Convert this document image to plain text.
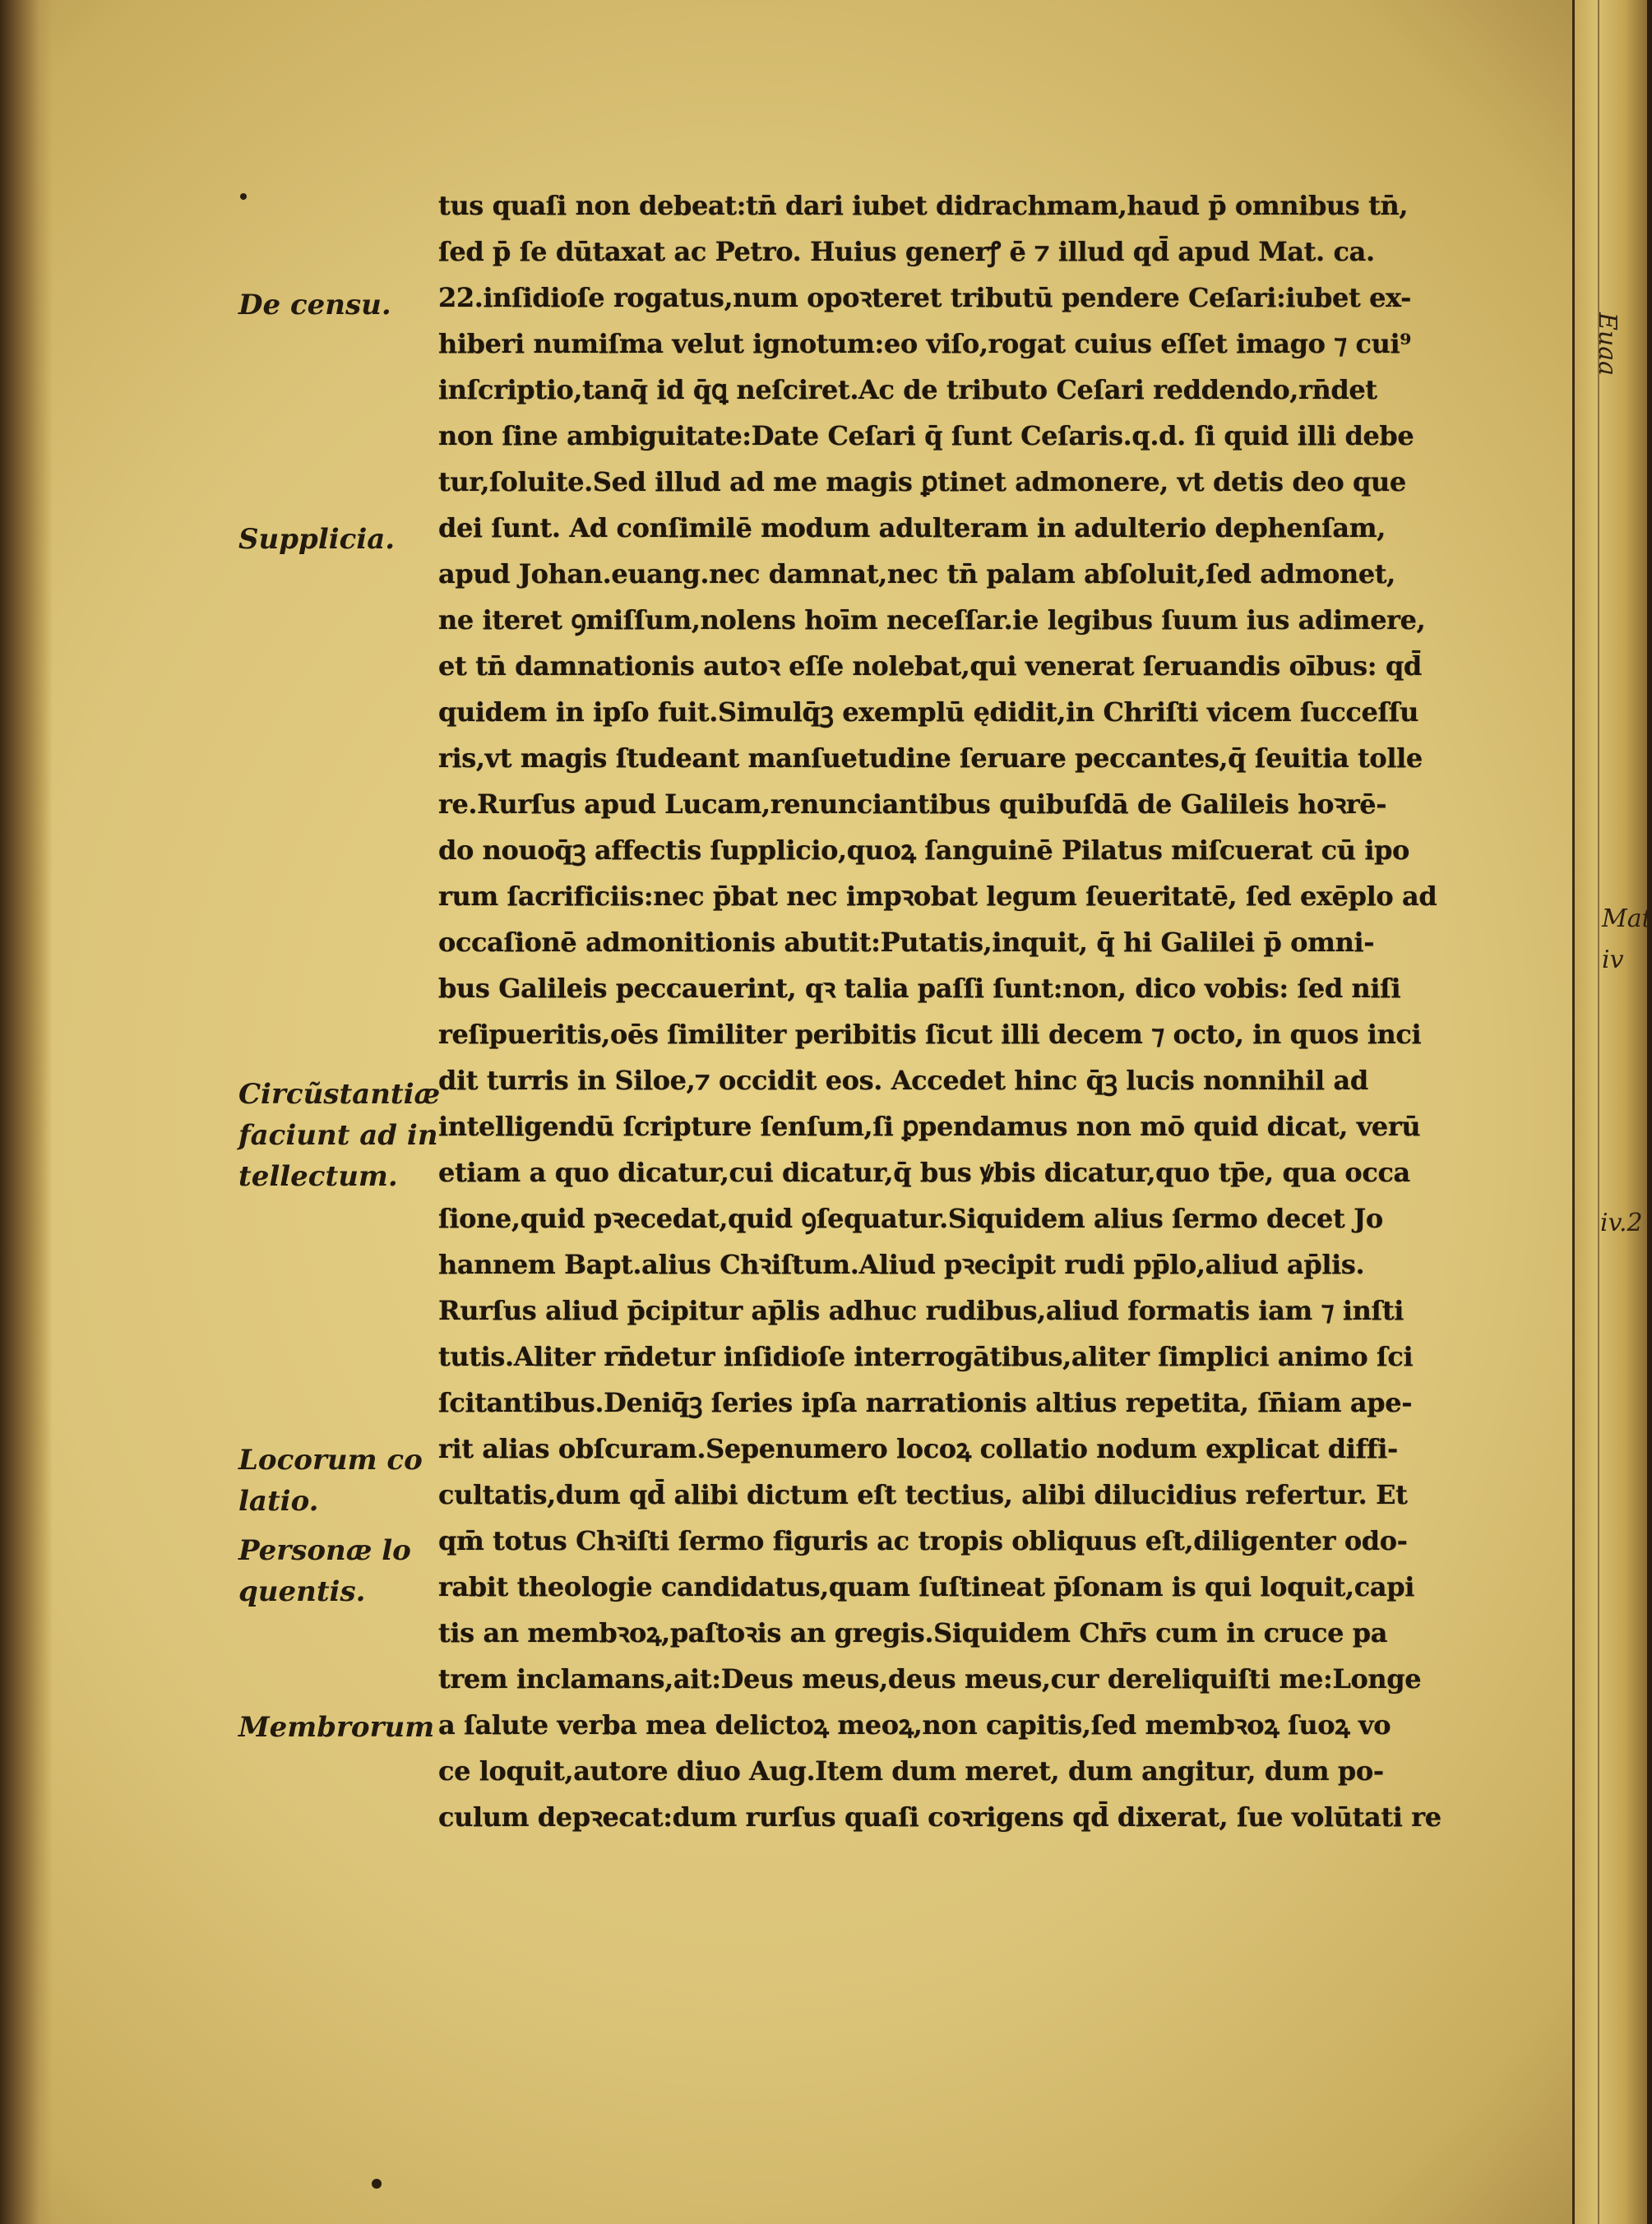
De censu.
Supplicia.
Circũstantiæ
faciunt ad in
tellectum.
Locorum co
latio.
Personæ lo
quentis.
Membrorum
Euaa
Mat
iv
iv.2
tus quaſi non debeat:tn̄ dari iubet didrachmam,haud p̄ omnibus tn̄,
ſed p̄ ſe dūtaxat ac Petro. Huius generꝭ ē ⁊ illud qd̄ apud Mat. ca.
22.inſidioſe rogatus,num opoꝛteret tributū pendere Ceſari:iubet ex-
hiberi numiſma velut ignotum:eo viſo,rogat cuius eſſet imago ⁊ cui⁹
inſcriptio,tanq̄ id q̄ꝗ neſciret.Ac de tributo Ceſari reddendo,rn̄det
non ſine ambiguitate:Date Ceſari q̄ ſunt Ceſaris.q.d. ſi quid illi debe
tur,ſoluite.Sed illud ad me magis ꝑtinet admonere, vt detis deo que
dei ſunt. Ad conſimilē modum adulteram in adulterio dephenſam,
apud Johan.euang.nec damnat,nec tn̄ palam abſoluit,ſed admonet,
ne iteret ꝯmiſſum,nolens hoīm neceſſar.ie legibus ſuum ius adimere,
et tn̄ damnationis autoꝛ eſſe nolebat,qui venerat ſeruandis oībus: qd̄
quidem in ipſo fuit.Simulq̄ꝫ exemplū ędidit,in Chriſti vicem ſucceſſu
ris,vt magis ſtudeant manſuetudine ſeruare peccantes,q̄ ſeuitia tolle
re.Rurſus apud Lucam,renunciantibus quibuſdā de Galileis hoꝛrē-
do nouoq̄ꝫ affectis ſupplicio,quoꝝ ſanguinē Pilatus miſcuerat cū ipo
rum ſacrificiis:nec p̄bat nec impꝛobat legum ſeueritatē, ſed exēplo ad
occaſionē admonitionis abutit:Putatis,inquit, q̄ hi Galilei p̄ omni-
bus Galileis peccauerint, qꝛ talia paſſi ſunt:non, dico vobis: ſed niſi
reſipueritis,oēs ſimiliter peribitis ſicut illi decem ⁊ octo, in quos inci
dit turris in Siloe,⁊ occidit eos. Accedet hinc q̄ꝫ lucis nonnihil ad
intelligendū ſcripture ſenſum,ſi ꝑpendamus non mō quid dicat, verū
etiam a quo dicatur,cui dicatur,q̄ bus ꝟbis dicatur,quo tp̄e, qua occa
ſione,quid pꝛecedat,quid ꝯſequatur.Siquidem alius ſermo decet Jo
hannem Bapt.alius Chꝛiſtum.Aliud pꝛecipit rudi pp̄lo,aliud ap̄lis.
Rurſus aliud p̄cipitur ap̄lis adhuc rudibus,aliud formatis iam ⁊ inſti
tutis.Aliter rn̄detur inſidioſe interrogātibus,aliter ſimplici animo ſci
ſcitantibus.Deniq̄ꝫ ſeries ipſa narrationis altius repetita, ſn̄iam ape-
rit alias obſcuram.Sepenumero locoꝝ collatio nodum explicat diffi-
cultatis,dum qd̄ alibi dictum eſt tectius, alibi dilucidius refertur. Et
qm̄ totus Chꝛiſti ſermo figuris ac tropis obliquus eſt,diligenter odo-
rabit theologie candidatus,quam ſuſtineat p̄ſonam is qui loquit,capi
tis an membꝛoꝝ,paſtoꝛis an gregis.Siquidem Chr̄s cum in cruce pa
trem inclamans,ait:Deus meus,deus meus,cur dereliquiſti me:Longe
a ſalute verba mea delictoꝝ meoꝝ,non capitis,ſed membꝛoꝝ ſuoꝝ vo
ce loquit,autore diuo Aug.Item dum meret, dum angitur, dum po-
culum depꝛecat:dum rurſus quaſi coꝛrigens qd̄ dixerat, ſue volūtati re
